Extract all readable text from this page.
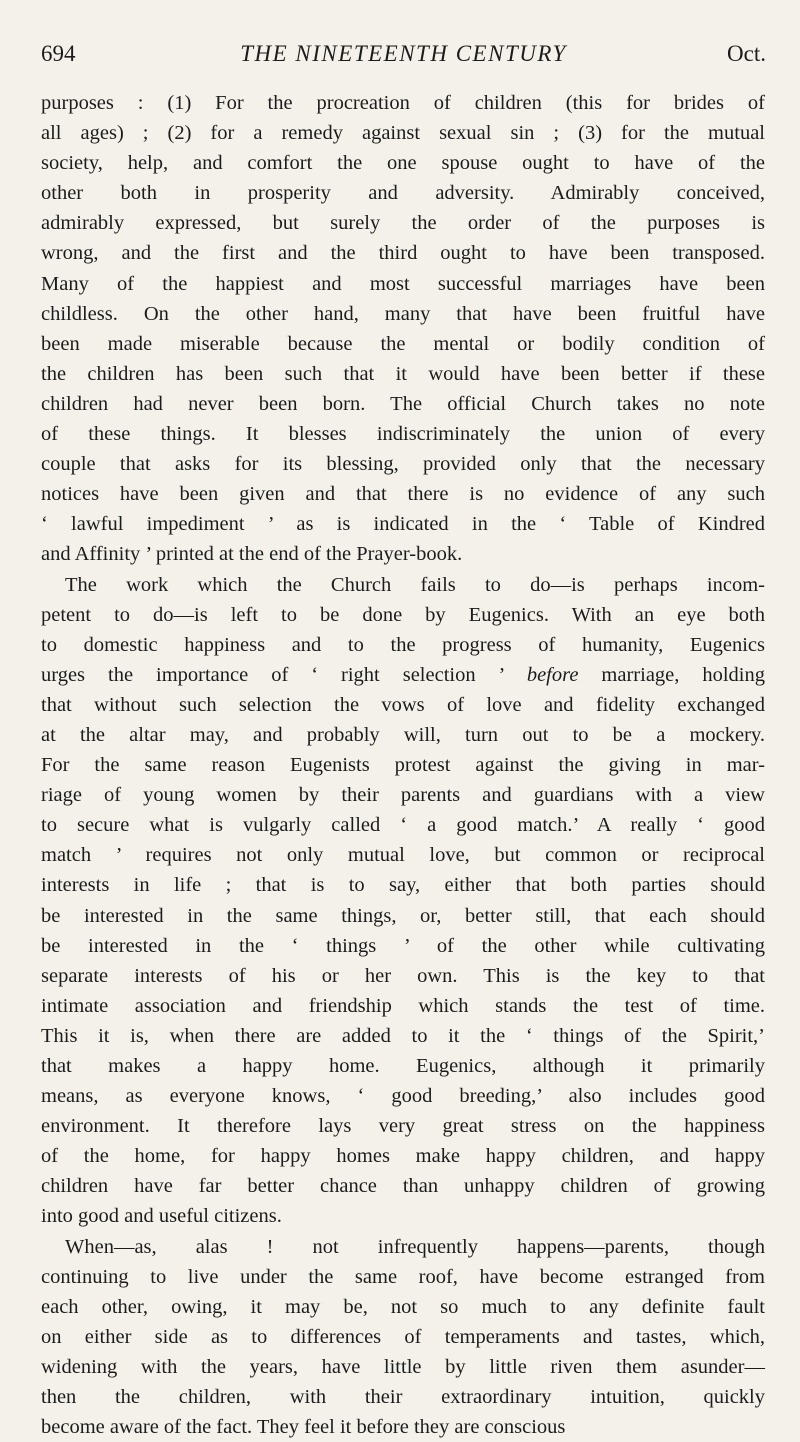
694	THE NINETEENTH CENTURY	Oct.
purposes : (1) For the procreation of children (this for brides of
all ages) ; (2) for a remedy against sexual sin ; (3) for the mutual
society, help, and comfort the one spouse ought to have of the
other both in prosperity and adversity. Admirably conceived,
admirably expressed, but surely the order of the purposes is
wrong, and the first and the third ought to have been transposed.
Many of the happiest and most successful marriages have been
childless. On the other hand, many that have been fruitful have
been made miserable because the mental or bodily condition of
the children has been such that it would have been better if these
children had never been born. The official Church takes no note
of these things. It blesses indiscriminately the union of every
couple that asks for its blessing, provided only that the necessary
notices have been given and that there is no evidence of any such
‘ lawful impediment ’ as is indicated in the ‘ Table of Kindred
and Affinity ’ printed at the end of the Prayer-book.
The work which the Church fails to do—is perhaps incom-
petent to do—is left to be done by Eugenics. With an eye both
to domestic happiness and to the progress of humanity, Eugenics
urges the importance of ‘ right selection ’ before marriage, holding
that without such selection the vows of love and fidelity exchanged
at the altar may, and probably will, turn out to be a mockery.
For the same reason Eugenists protest against the giving in mar-
riage of young women by their parents and guardians with a view
to secure what is vulgarly called ‘ a good match.’ A really ‘ good
match ’ requires not only mutual love, but common or reciprocal
interests in life ; that is to say, either that both parties should
be interested in the same things, or, better still, that each should
be interested in the ‘ things ’ of the other while cultivating
separate interests of his or her own. This is the key to that
intimate association and friendship which stands the test of time.
This it is, when there are added to it the ‘ things of the Spirit,’
that makes a happy home. Eugenics, although it primarily
means, as everyone knows, ‘ good breeding,’ also includes good
environment. It therefore lays very great stress on the happiness
of the home, for happy homes make happy children, and happy
children have far better chance than unhappy children of growing
into good and useful citizens.
When—as, alas ! not infrequently happens—parents, though
continuing to live under the same roof, have become estranged from
each other, owing, it may be, not so much to any definite fault
on either side as to differences of temperaments and tastes, which,
widening with the years, have little by little riven them asunder—
then the children, with their extraordinary intuition, quickly
become aware of the fact. They feel it before they are conscious
